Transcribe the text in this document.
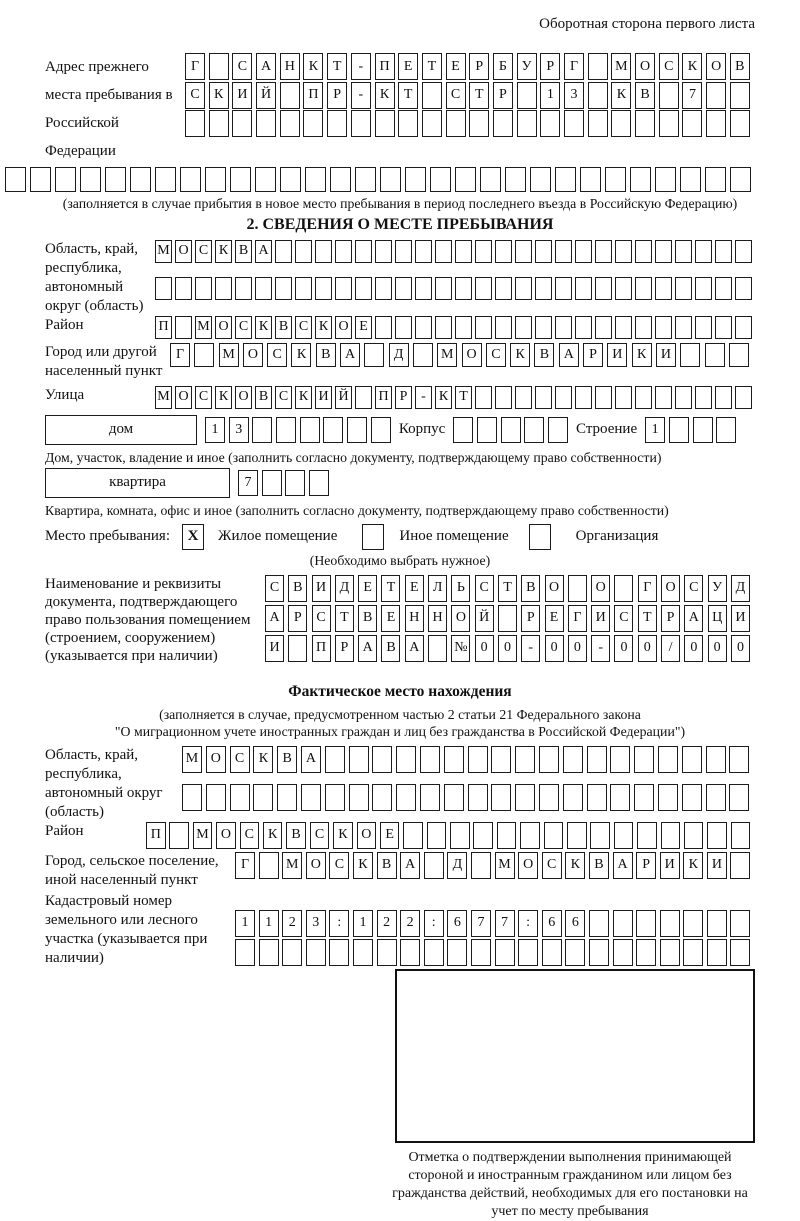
Оборотная сторона первого листа
Адрес прежнего места пребывания в Российской Федерации
Г	С А Н К	Т	-	П	Е	Т	Е	Р	Б	У	Р	Г	М О С	К О В
С	К И Й	П	Р	-	К	Т	С	Т	Р	1	3	К	В	7
(заполняется в случае прибытия в новое место пребывания в период последнего въезда в Российскую Федерацию)
2. СВЕДЕНИЯ О МЕСТЕ ПРЕБЫВАНИЯ
Область, край, республика, автономный округ (область)
М О С К В А
Район	П М О С К В С К О Е
Город или другой населенный пункт
Г	М О	С	К	В	А	Д	М О	С	К	В	А	Р	И	К	И
Улица	М О С К О В С К И Й П Р - К Т
дом	1	3	Корпус	Строение	1
Дом, участок, владение и иное (заполнить согласно документу, подтверждающему право собственности)
квартира	7
Квартира, комната, офис и иное (заполнить согласно документу, подтверждающему право собственности)
Место пребывания:	X	Жилое помещение	Иное помещение	Организация
(Необходимо выбрать нужное)
Наименование и реквизиты документа, подтверждающего право пользования помещением (строением, сооружением) (указывается при наличии)
С В И Д	Е	Т	Е	Л	Ь	С	Т	В О	О	Г	О С У Д
А	Р	С	Т	В	Е Н Н О Й	Р	Е	Г	И С	Т	Р	А Ц И
И	П	Р	А В А	№ 0	0	-	0	0	-	0	0	/	0	0	0
Фактическое место нахождения
(заполняется в случае, предусмотренном частью 2 статьи 21 Федерального закона
"О миграционном учете иностранных граждан и лиц без гражданства в Российской Федерации")
Область, край, республика, автономный округ (область)
М О	С	К	В	А
Район	П	М О С	К	В	С	К О	Е
Город, сельское поселение, иной населенный пункт
Г	М О С	К	В А	Д	М О С	К	В А	Р	И К И
Кадастровый номер земельного или лесного участка (указывается при наличии)
1	1	2	3	:	1	2	2	:	6	7	7	:	6	6
Отметка о подтверждении выполнения принимающей стороной и иностранным гражданином или лицом без гражданства действий, необходимых для его постановки на учет по месту пребывания
